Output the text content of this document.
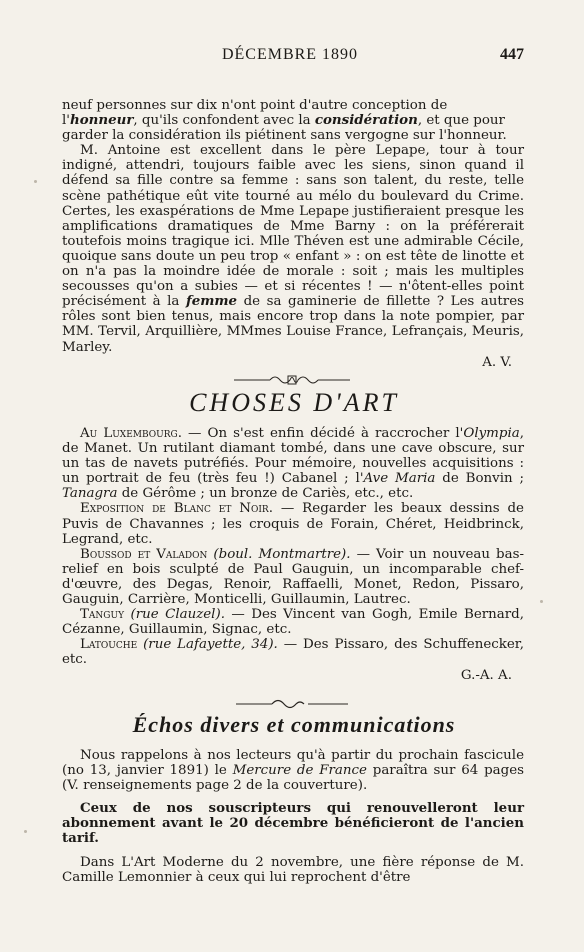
DÉCEMBRE 1890	447

neuf personnes sur dix n'ont point d'autre conception de

l'honneur, qu'ils confondent avec la considération, et que pour

garder la considération ils piétinent sans vergogne sur l'honneur.

M. Antoine est excellent dans le père Lepape, tour à tour indigné, attendri, toujours faible avec les siens, sinon quand il défend sa fille contre sa femme : sans son talent, du reste, telle scène pathétique eût vite tourné au mélo du boulevard du Crime. Certes, les exaspérations de Mme Lepape justifieraient presque les amplifications dramatiques de Mme Barny : on la préférerait toutefois moins tragique ici. Mlle Théven est une admirable Cécile, quoique sans doute un peu trop « enfant » : on est tête de linotte et on n'a pas la moindre idée de morale : soit ; mais les multiples secousses qu'on a subies — et si récentes ! — n'ôtent-elles point précisément à la femme de sa gaminerie de fillette ? Les autres rôles sont bien tenus, mais encore trop dans la note pompier, par MM. Tervil, Arquillière, MMmes Louise France, Lefrançais, Meuris, Marley.

A. V.

CHOSES D'ART

Au Luxembourg. — On s'est enfin décidé à raccrocher l'Olympia, de Manet. Un rutilant diamant tombé, dans une cave obscure, sur un tas de navets putréfiés. Pour mémoire, nouvelles acquisitions : un portrait de feu (très feu !) Cabanel ; l'Ave Maria de Bonvin ; Tanagra de Gérôme ; un bronze de Cariès, etc., etc.

Exposition de Blanc et Noir. — Regarder les beaux dessins de Puvis de Chavannes ; les croquis de Forain, Chéret, Heidbrinck, Legrand, etc.

Boussod et Valadon (boul. Montmartre). — Voir un nouveau bas-relief en bois sculpté de Paul Gauguin, un incomparable chef-d'œuvre, des Degas, Renoir, Raffaelli, Monet, Redon, Pissaro, Gauguin, Carrière, Monticelli, Guillaumin, Lautrec.

Tanguy (rue Clauzel). — Des Vincent van Gogh, Emile Bernard, Cézanne, Guillaumin, Signac, etc.

Latouche (rue Lafayette, 34). — Des Pissaro, des Schuffenecker, etc.

G.-A. A.

Échos divers et communications

Nous rappelons à nos lecteurs qu'à partir du prochain fascicule (no 13, janvier 1891) le Mercure de France paraîtra sur 64 pages (V. renseignements page 2 de la couverture).

Ceux de nos souscripteurs qui renouvelleront leur abonnement avant le 20 décembre bénéficieront de l'ancien tarif.

Dans L'Art Moderne du 2 novembre, une fière réponse de M. Camille Lemonnier à ceux qui lui reprochent d'être
